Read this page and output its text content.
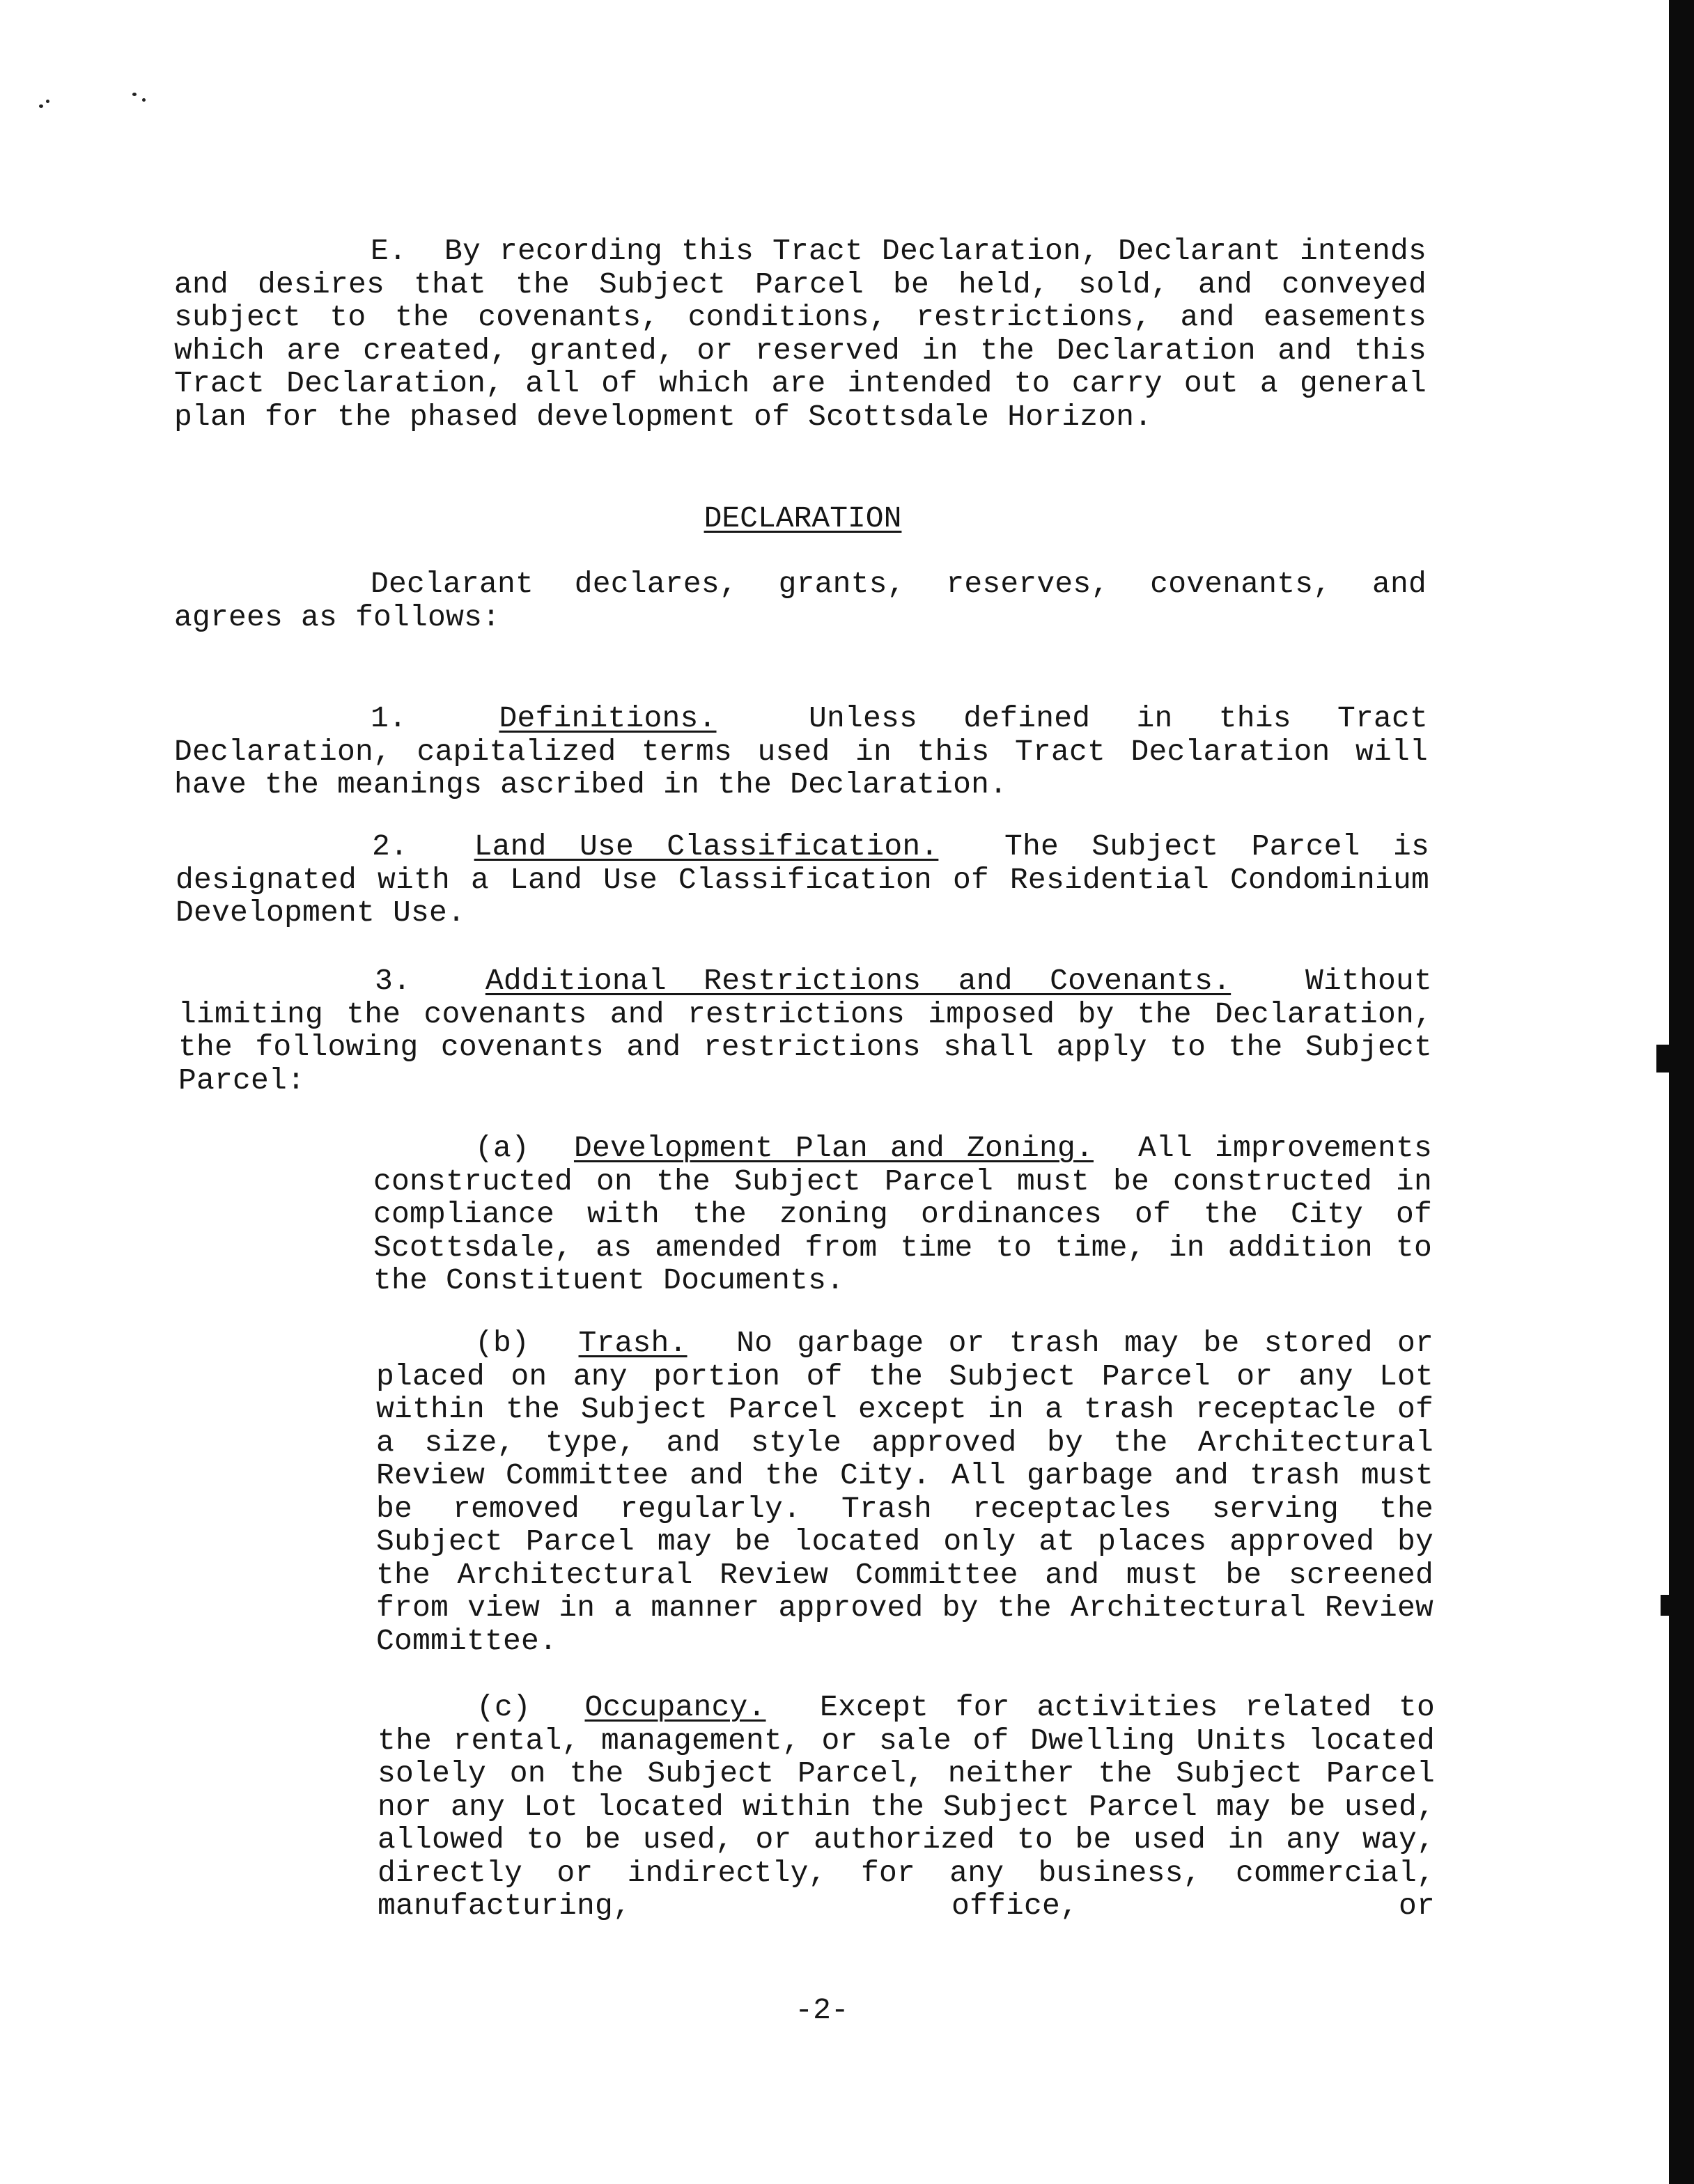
E. By recording this Tract Declaration, Declarant intends and desires that the Subject Parcel be held, sold, and conveyed subject to the covenants, conditions, restrictions, and easements which are created, granted, or reserved in the Declaration and this Tract Declaration, all of which are intended to carry out a general plan for the phased development of Scottsdale Horizon.

DECLARATION

Declarant declares, grants, reserves, covenants, and agrees as follows:

1.	Definitions.	Unless defined in this Tract Declaration, capitalized terms used in this Tract Declaration will have the meanings ascribed in the Declaration.

2. Land Use Classification. The Subject Parcel is designated with a Land Use Classification of Residential Condominium Development Use.

3. Additional Restrictions and Covenants. Without limiting the covenants and restrictions imposed by the Declaration, the following covenants and restrictions shall apply to the Subject Parcel:

(a) Development Plan and Zoning. All improvements constructed on the Subject Parcel must be constructed in compliance with the zoning ordinances of the City of Scottsdale, as amended from time to time, in addition to the Constituent Documents.

(b) Trash. No garbage or trash may be stored or placed on any portion of the Subject Parcel or any Lot within the Subject Parcel except in a trash receptacle of a size, type, and style approved by the Architectural Review Committee and the City. All garbage and trash must be removed regularly. Trash receptacles serving the Subject Parcel may be located only at places approved by the Architectural Review Committee and must be screened from view in a manner approved by the Architectural Review Committee.

(c) Occupancy. Except for activities related to the rental, management, or sale of Dwelling Units located solely on the Subject Parcel, neither the Subject Parcel nor any Lot located within the Subject Parcel may be used, allowed to be used, or authorized to be used in any way, directly or indirectly, for any business, commercial, manufacturing, office, or

-2-
